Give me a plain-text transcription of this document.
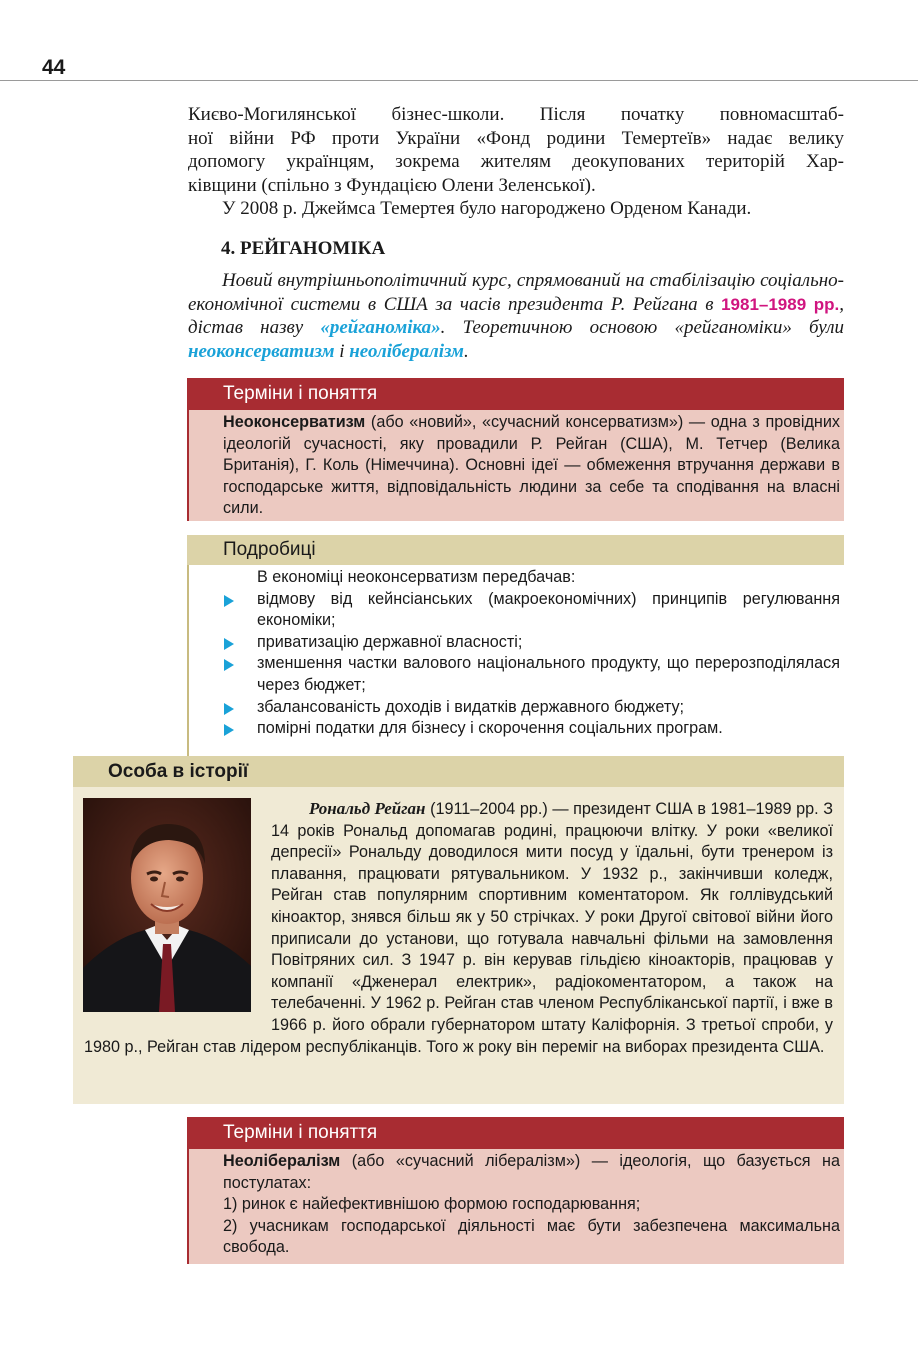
44

Києво-Могилянської бізнес-школи. Після початку повномасштаб-

ної війни РФ проти України «Фонд родини Темертеїв» надає велику

допомогу українцям, зокрема жителям деокупованих територій Хар-

ківщини (спільно з Фундацією Олени Зеленської).

У 2008 р. Джеймса Темертея було нагороджено Орденом Канади.

4. РЕЙГАНОМІКА
Новий внутрішньополітичний курс, спрямований на стабілізацію соціально-економічної системи в США за часів президента Р. Рейгана в 1981–1989 рр., дістав назву «рейганоміка». Теоретичною основою «рейганоміки» були неоконсерватизм і неолібералізм.
Терміни і поняття

Неоконсерватизм (або «новий», «сучасний консерватизм») — одна з провідних ідеологій сучасності, яку провадили Р. Рейган (США), М. Тетчер (Велика Британія), Г. Коль (Німеччина). Основні ідеї — обмеження втручання держави в господарське життя, відповідальність людини за себе та сподівання на власні сили.

Подробиці

В економіці неоконсерватизм передбачав:

відмову від кейнсіанських (макроекономічних) принципів регулювання економіки;
приватизацію державної власності;
зменшення частки валового національного продукту, що перерозподілялася через бюджет;
збалансованість доходів і видатків державного бюджету;
помірні податки для бізнесу і скорочення соціальних програм.
Особа в історії

Рональд Рейган (1911–2004 рр.) — президент США в 1981–1989 рр. З 14 років Рональд допомагав родині, працюючи влітку. У роки «великої депресії» Рональду доводилося мити посуд у їдальні, бути тренером із плавання, працювати рятувальником. У 1932 р., закінчивши коледж, Рейган став популярним спортивним коментатором. Як голлівудський кіноактор, знявся більш як у 50 стрічках. У роки Другої світової війни його приписали до установи, що готувала навчальні фільми на замовлення Повітряних сил. З 1947 р. він керував гільдією кіноакторів, працював у компанії «Дженерал електрик», радіокоментатором, а також на телебаченні. У 1962 р. Рейган став членом Республіканської партії, і вже в 1966 р. його обрали губернатором штату Каліфорнія. З третьої спроби, у 1980 р., Рейган став лідером республіканців. Того ж року він переміг на виборах президента США.

Терміни і поняття

Неолібералізм (або «сучасний лібералізм») — ідеологія, що базується на постулатах:

1) ринок є найефективнішою формою господарювання;

2) учасникам господарської діяльності має бути забезпечена максимальна свобода.
